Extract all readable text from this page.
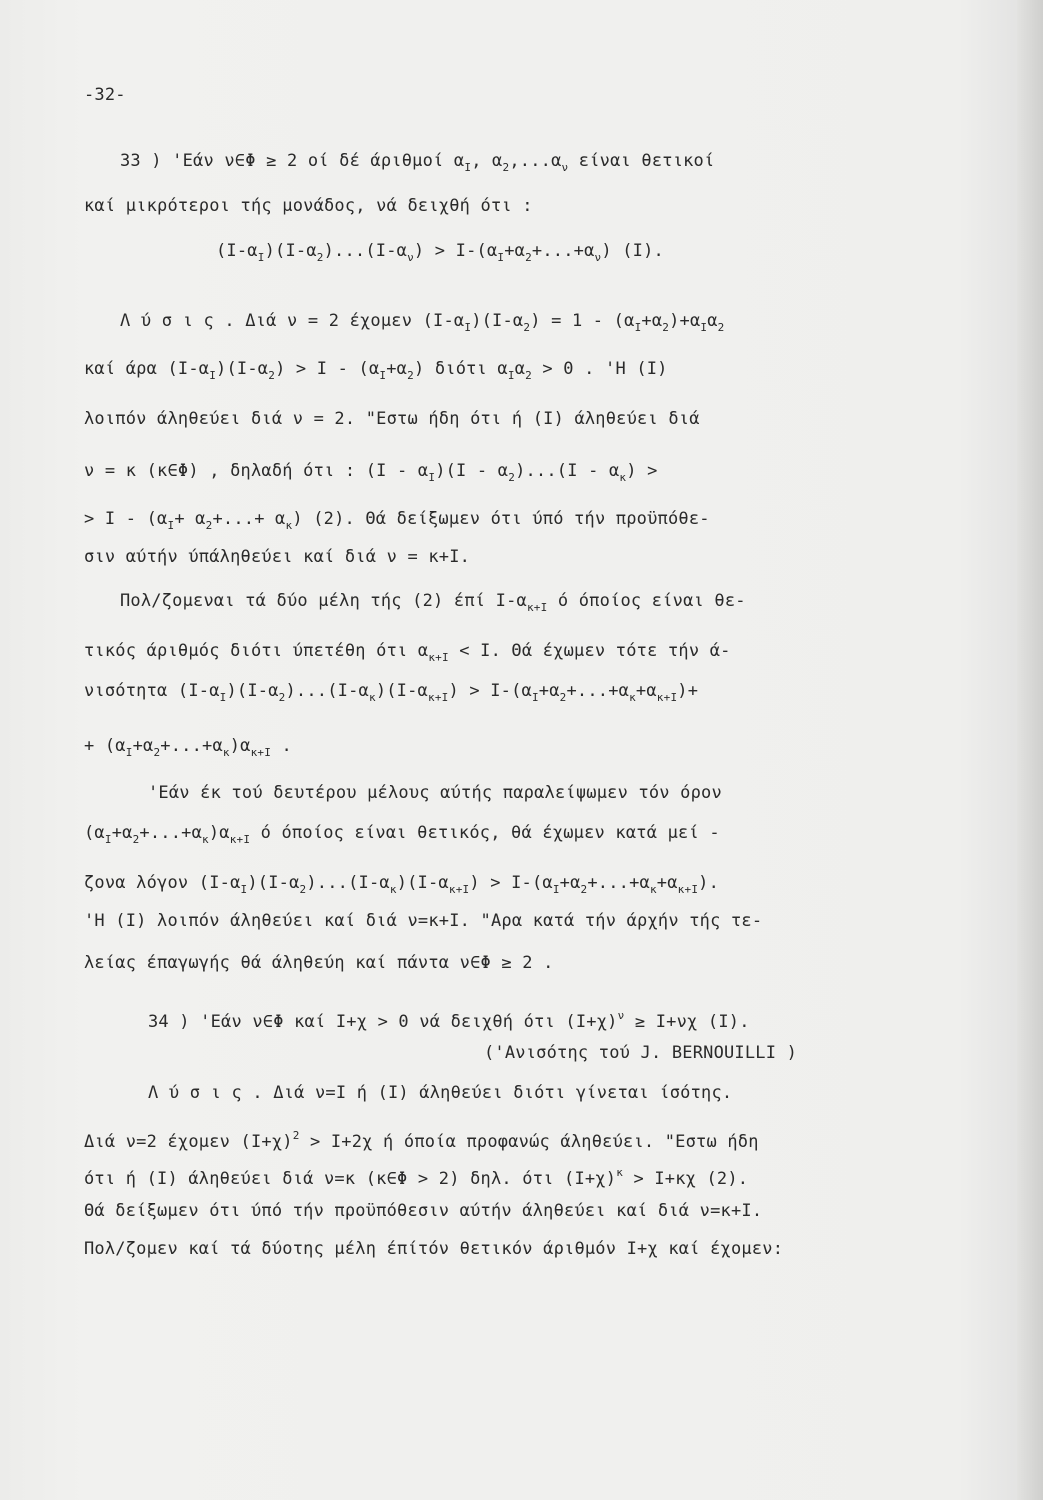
-32-
33 ) 'Εάν ν∈Φ ≥ 2 οί δέ άριθμοί $\alpha_I$, $\alpha_2,...\alpha_\nu$ είναι θετικοί
καί μικρότεροι τής μονάδος, νά δειχθή ότι :
$(I-\alpha_I)(I-\alpha_2)...(I-\alpha_\nu) > I-(\alpha_I+\alpha_2+...+\alpha_\nu)$ (Ι).
Λ ύ σ ι ς . Διά ν = 2 έχομεν $(I-\alpha_I)(I-\alpha_2) = 1 - (\alpha_I+\alpha_2)+\alpha_I\alpha_2$
καί άρα $(I-\alpha_I)(I-\alpha_2) > I - (\alpha_I+\alpha_2)$ διότι $\alpha_I\alpha_2 > 0$ . 'Η (Ι)
λοιπόν άληθεύει διά ν = 2. "Εστω ήδη ότι ή (Ι) άληθεύει διά
ν = κ (κ∈Φ) , δηλαδή ότι : $(I - \alpha_I)(I - \alpha_2)...(I - \alpha_\kappa)$ >
> $I - (\alpha_I+ \alpha_2+...+ \alpha_\kappa)$ (2). Θά δείξωμεν ότι ύπό τήν προϋπόθε-
σιν αύτήν ύπάληθεύει καί διά ν = κ+Ι.
Πολ/ζομεναι τά δύο μέλη τής (2) έπί $I-\alpha_{\kappa+I}$ ό όποίος είναι θε-
τικός άριθμός διότι ύπετέθη ότι $\alpha_{\kappa+I} < I$. Θά έχωμεν τότε τήν ά-
νισότητα $(I-\alpha_I)(I-\alpha_2)...(I-\alpha_\kappa)(I-\alpha_{\kappa+I}) > I-(\alpha_I+\alpha_2+...+\alpha_\kappa+\alpha_{\kappa+I})+$
+ $(\alpha_I+\alpha_2+...+\alpha_\kappa)\alpha_{\kappa+I}$ .
'Εάν έκ τού δευτέρου μέλους αύτής παραλείψωμεν τόν όρον
$(\alpha_I+\alpha_2+...+\alpha_\kappa)\alpha_{\kappa+I}$ ό όποίος είναι θετικός, θά έχωμεν κατά μεί -
ζονα λόγον $(I-\alpha_I)(I-\alpha_2)...(I-\alpha_\kappa)(I-\alpha_{\kappa+I}) > I-(\alpha_I+\alpha_2+...+\alpha_\kappa+\alpha_{\kappa+I})$.
'Η (Ι) λοιπόν άληθεύει καί διά ν=κ+Ι. "Αρα κατά τήν άρχήν τής τε-
λείας έπαγωγής θά άληθεύη καί πάντα ν∈Φ ≥ 2 .
34 ) 'Εάν ν∈Φ καί Ι+χ > 0 νά δειχθή ότι $(I+\chi)^\nu \ge I+\nu\chi$ (Ι).
('Ανισότης τού J. BERNOUILLI )
Λ ύ σ ι ς . Διά ν=Ι ή (Ι) άληθεύει διότι γίνεται ίσότης.
Διά ν=2 έχομεν $(I+\chi)^2 > I+2\chi$ ή όποία προφανώς άληθεύει. "Εστω ήδη
ότι ή (Ι) άληθεύει διά ν=κ (κ∈Φ > 2) δηλ. ότι $(I+\chi)^\kappa > I+\kappa\chi$ (2).
Θά δείξωμεν ότι ύπό τήν προϋπόθεσιν αύτήν άληθεύει καί διά ν=κ+Ι.
Πολ/ζομεν καί τά δύοτης μέλη έπίτόν θετικόν άριθμόν Ι+χ καί έχομεν:
